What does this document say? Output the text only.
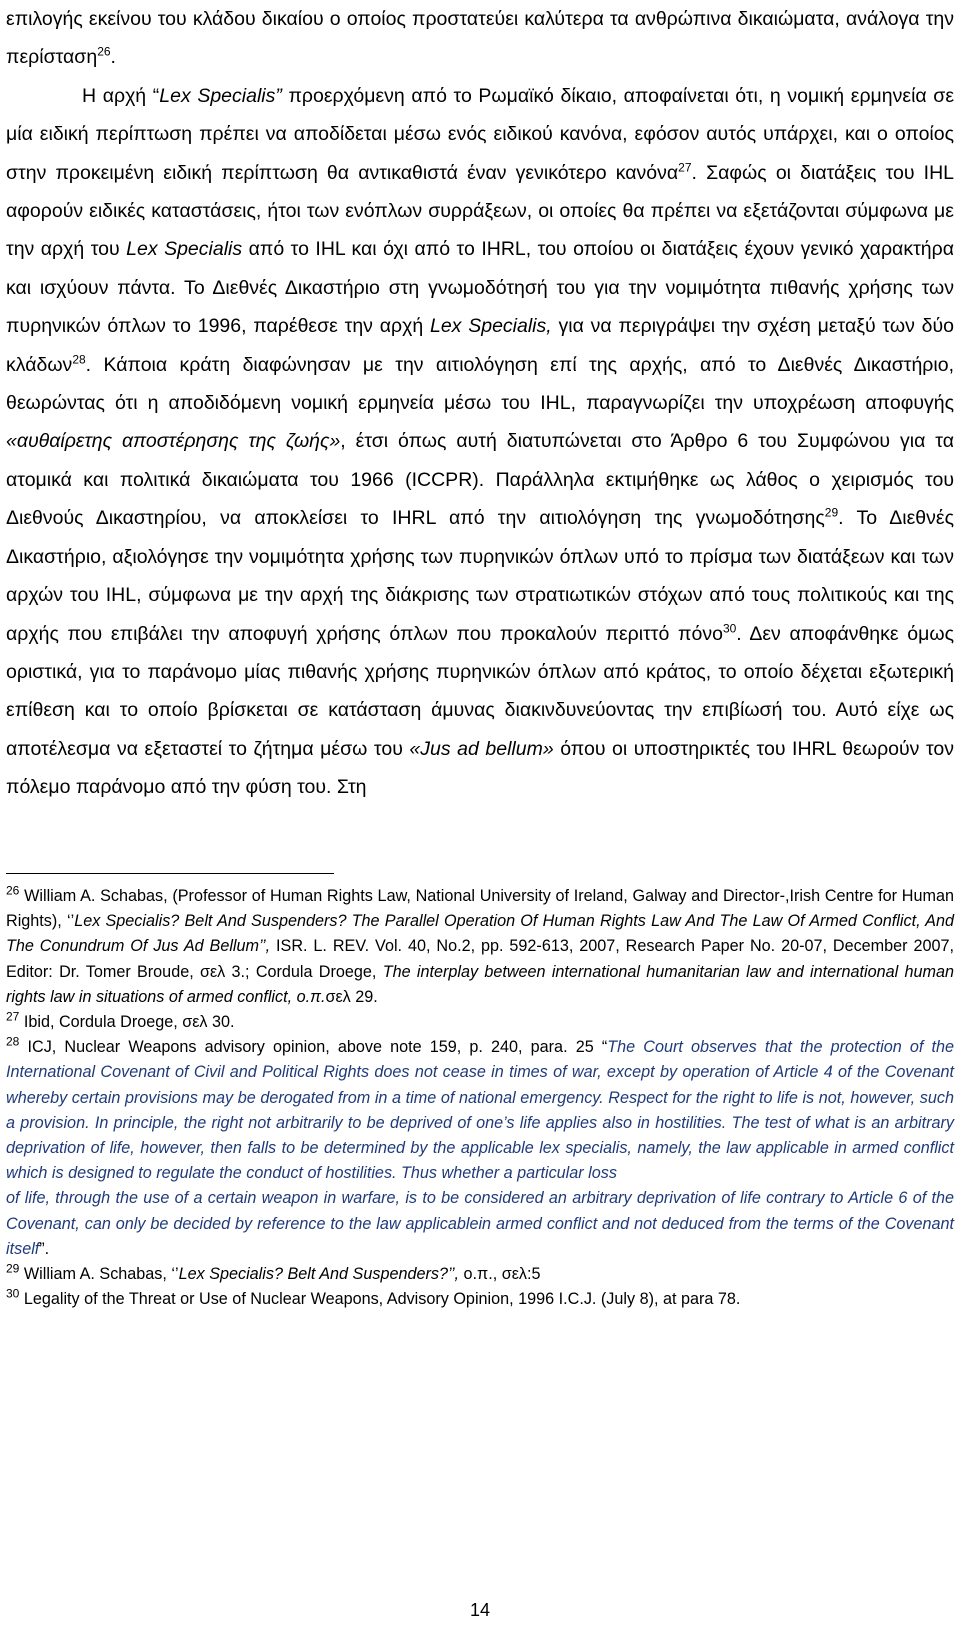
επιλογής εκείνου του κλάδου δικαίου ο οποίος προστατεύει καλύτερα τα ανθρώπινα δικαιώματα, ανάλογα την περίσταση$^{26}$.
Η αρχή “Lex Specialis” προερχόμενη από το Ρωμαϊκό δίκαιο, αποφαίνεται ότι, η νομική ερμηνεία σε μία ειδική περίπτωση πρέπει να αποδίδεται μέσω ενός ειδικού κανόνα, εφόσον αυτός υπάρχει, και ο οποίος στην προκειμένη ειδική περίπτωση θα αντικαθιστά έναν γενικότερο κανόνα$^{27}$. Σαφώς οι διατάξεις του IHL αφορούν ειδικές καταστάσεις, ήτοι των ενόπλων συρράξεων, οι οποίες θα πρέπει να εξετάζονται σύμφωνα με την αρχή του Lex Specialis από το IHL και όχι από το IHRL, του οποίου οι διατάξεις έχουν γενικό χαρακτήρα και ισχύουν πάντα. Το Διεθνές Δικαστήριο στη γνωμοδότησή του για την νομιμότητα πιθανής χρήσης των πυρηνικών όπλων το 1996, παρέθεσε την αρχή Lex Specialis, για να περιγράψει την σχέση μεταξύ των δύο κλάδων$^{28}$. Κάποια κράτη διαφώνησαν με την αιτιολόγηση επί της αρχής, από το Διεθνές Δικαστήριο, θεωρώντας ότι η αποδιδόμενη νομική ερμηνεία μέσω του IHL, παραγνωρίζει την υποχρέωση αποφυγής «αυθαίρετης αποστέρησης της ζωής», έτσι όπως αυτή διατυπώνεται στο Άρθρο 6 του Συμφώνου για τα ατομικά και πολιτικά δικαιώματα του 1966 (ICCPR). Παράλληλα εκτιμήθηκε ως λάθος ο χειρισμός του Διεθνούς Δικαστηρίου, να αποκλείσει το IHRL από την αιτιολόγηση της γνωμοδότησης$^{29}$. Το Διεθνές Δικαστήριο, αξιολόγησε την νομιμότητα χρήσης των πυρηνικών όπλων υπό το πρίσμα των διατάξεων και των αρχών του IHL, σύμφωνα με την αρχή της διάκρισης των στρατιωτικών στόχων από τους πολιτικούς και της αρχής που επιβάλει την αποφυγή χρήσης όπλων που προκαλούν περιττό πόνο$^{30}$. Δεν αποφάνθηκε όμως οριστικά, για το παράνομο μίας πιθανής χρήσης πυρηνικών όπλων από κράτος, το οποίο δέχεται εξωτερική επίθεση και το οποίο βρίσκεται σε κατάσταση άμυνας διακινδυνεύοντας την επιβίωσή του. Αυτό είχε ως αποτέλεσμα να εξεταστεί το ζήτημα μέσω του «Jus ad bellum» όπου οι υποστηρικτές του IHRL θεωρούν τον πόλεμο παράνομο από την φύση του. Στη

$^{26}$ William A. Schabas, (Professor of Human Rights Law, National University of Ireland, Galway and Director-,Irish Centre for Human Rights), ‘’Lex Specialis? Belt And Suspenders? The Parallel Operation Of Human Rights Law And The Law Of Armed Conflict, And The Conundrum Of Jus Ad Bellum’’, ISR. L. REV. Vol. 40, No.2, pp. 592-613, 2007, Research Paper No. 20-07, December 2007, Editor: Dr. Tomer Broude, σελ 3.; Cordula Droege, The interplay between international humanitarian law and international human rights law in situations of armed conflict, ο.π.σελ 29.

$^{27}$ Ibid, Cordula Droege, σελ 30.

$^{28}$ ICJ, Nuclear Weapons advisory opinion, above note 159, p. 240, para. 25 “The Court observes that the protection of the International Covenant of Civil and Political Rights does not cease in times of war, except by operation of Article 4 of the Covenant whereby certain provisions may be derogated from in a time of national emergency. Respect for the right to life is not, however, such a provision. In principle, the right not arbitrarily to be deprived of one’s life applies also in hostilities. The test of what is an arbitrary deprivation of life, however, then falls to be determined by the applicable lex specialis, namely, the law applicable in armed conflict which is designed to regulate the conduct of hostilities. Thus whether a particular loss
of life, through the use of a certain weapon in warfare, is to be considered an arbitrary deprivation of life contrary to Article 6 of the Covenant, can only be decided by reference to the law applicablein armed conflict and not deduced from the terms of the Covenant itself”.

$^{29}$ William A. Schabas, ‘’Lex Specialis? Belt And Suspenders?’’, ο.π., σελ:5

$^{30}$ Legality of the Threat or Use of Nuclear Weapons, Advisory Opinion, 1996 I.C.J. (July 8), at para 78.

14
